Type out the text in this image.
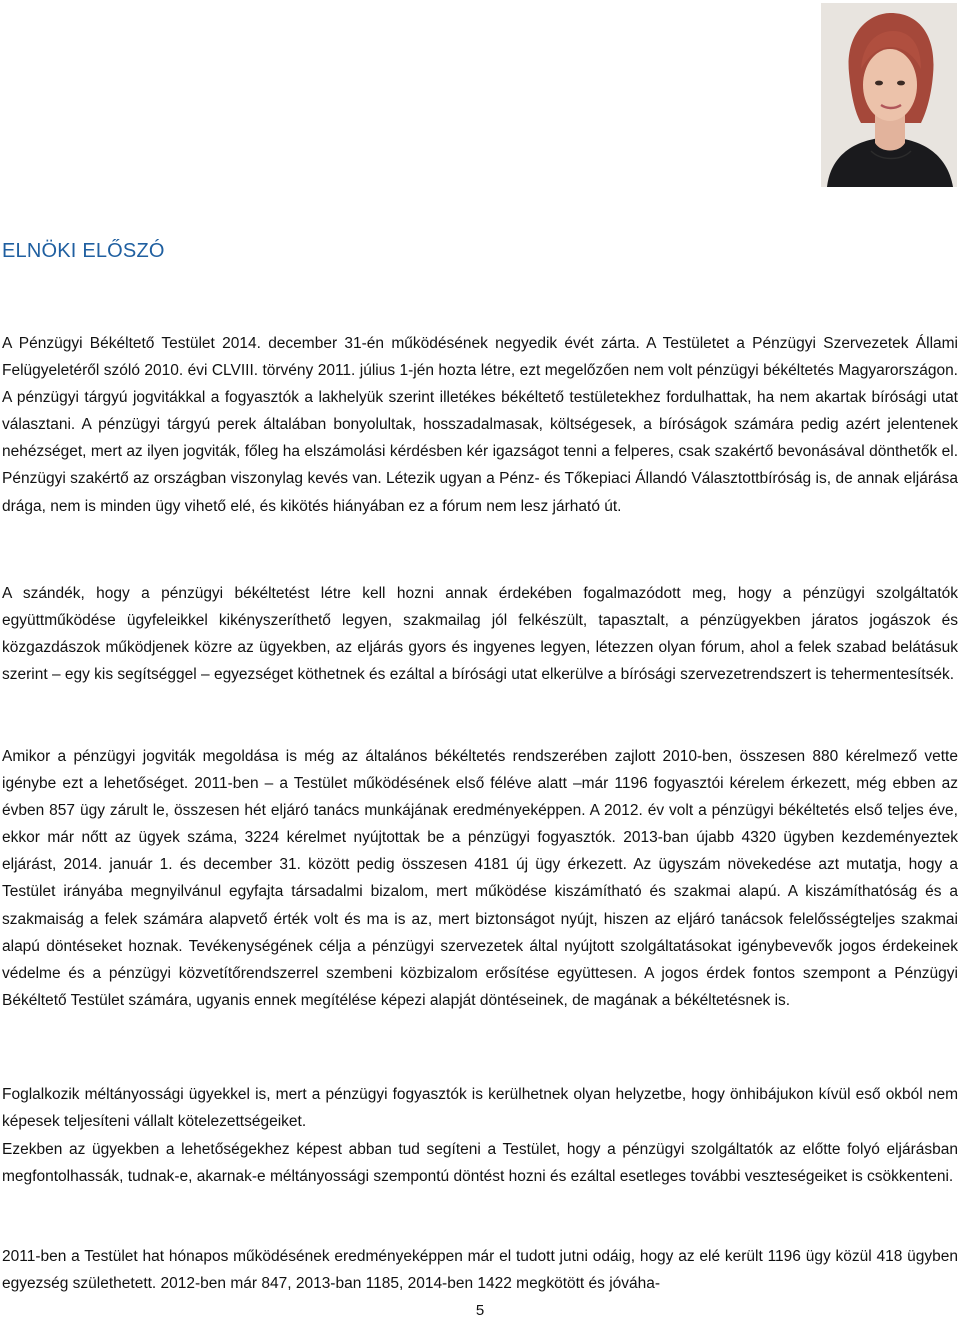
ELNÖKI ELŐSZÓ

A Pénzügyi Békéltető Testület 2014. december 31-én működésének negyedik évét zárta. A Testületet a Pénzügyi Szervezetek Állami Felügyeletéről szóló 2010. évi CLVIII. törvény 2011. július 1-jén hozta létre, ezt megelőzően nem volt pénzügyi békéltetés Magyarországon. A pénzügyi tárgyú jogvitákkal a fogyasztók a lakhelyük szerint illetékes békéltető testületekhez fordulhattak, ha nem akartak bírósági utat választani. A pénzügyi tárgyú perek általában bonyolultak, hosszadalmasak, költségesek, a bíróságok számára pedig azért jelentenek nehézséget, mert az ilyen jogviták, főleg ha elszámolási kérdésben kér igazságot tenni a felperes, csak szakértő bevonásával dönthetők el. Pénzügyi szakértő az országban viszonylag kevés van. Létezik ugyan a Pénz- és Tőkepiaci Állandó Választottbíróság is, de annak eljárása drága, nem is minden ügy vihető elé, és kikötés hiányában ez a fórum nem lesz járható út.

A szándék, hogy a pénzügyi békéltetést létre kell hozni annak érdekében fogalmazódott meg, hogy a pénzügyi szolgáltatók együttműködése ügyfeleikkel kikényszeríthető legyen, szakmailag jól felkészült, tapasztalt, a pénzügyekben járatos jogászok és közgazdászok működjenek közre az ügyekben, az eljárás gyors és ingyenes legyen, létezzen olyan fórum, ahol a felek szabad belátásuk szerint – egy kis segítséggel – egyezséget köthetnek és ezáltal a bírósági utat elkerülve a bírósági szervezetrendszert is tehermentesítsék.

Amikor a pénzügyi jogviták megoldása is még az általános békéltetés rendszerében zajlott 2010-ben, összesen 880 kérelmező vette igénybe ezt a lehetőséget. 2011-ben – a Testület működésének első féléve alatt –már 1196 fogyasztói kérelem érkezett, még ebben az évben 857 ügy zárult le, összesen hét eljáró tanács munkájának eredményeképpen. A 2012. év volt a pénzügyi békéltetés első teljes éve, ekkor már nőtt az ügyek száma, 3224 kérelmet nyújtottak be a pénzügyi fogyasztók. 2013-ban újabb 4320 ügyben kezdeményeztek eljárást, 2014. január 1. és december 31. között pedig összesen 4181 új ügy érkezett. Az ügyszám növekedése azt mutatja, hogy a Testület irányába megnyilvánul egyfajta társadalmi bizalom, mert működése kiszámítható és szakmai alapú. A kiszámíthatóság és a szakmaiság a felek számára alapvető érték volt és ma is az, mert biztonságot nyújt, hiszen az eljáró tanácsok felelősségteljes szakmai alapú döntéseket hoznak. Tevékenységének célja a pénzügyi szervezetek által nyújtott szolgáltatásokat igénybevevők jogos érdekeinek védelme és a pénzügyi közvetítőrendszerrel szembeni közbizalom erősítése együttesen. A jogos érdek fontos szempont a Pénzügyi Békéltető Testület számára, ugyanis ennek megítélése képezi alapját döntéseinek, de magának a békéltetésnek is.

Foglalkozik méltányossági ügyekkel is, mert a pénzügyi fogyasztók is kerülhetnek olyan helyzetbe, hogy önhibájukon kívül eső okból nem képesek teljesíteni vállalt kötelezettségeiket.

Ezekben az ügyekben a lehetőségekhez képest abban tud segíteni a Testület, hogy a pénzügyi szolgáltatók az előtte folyó eljárásban megfontolhassák, tudnak-e, akarnak-e méltányossági szempontú döntést hozni és ezáltal esetleges további veszteségeiket is csökkenteni.

2011-ben a Testület hat hónapos működésének eredményeképpen már el tudott jutni odáig, hogy az elé került 1196 ügy közül 418 ügyben egyezség születhetett. 2012-ben már 847, 2013-ban 1185, 2014-ben 1422 megkötött és jóváha-

5
